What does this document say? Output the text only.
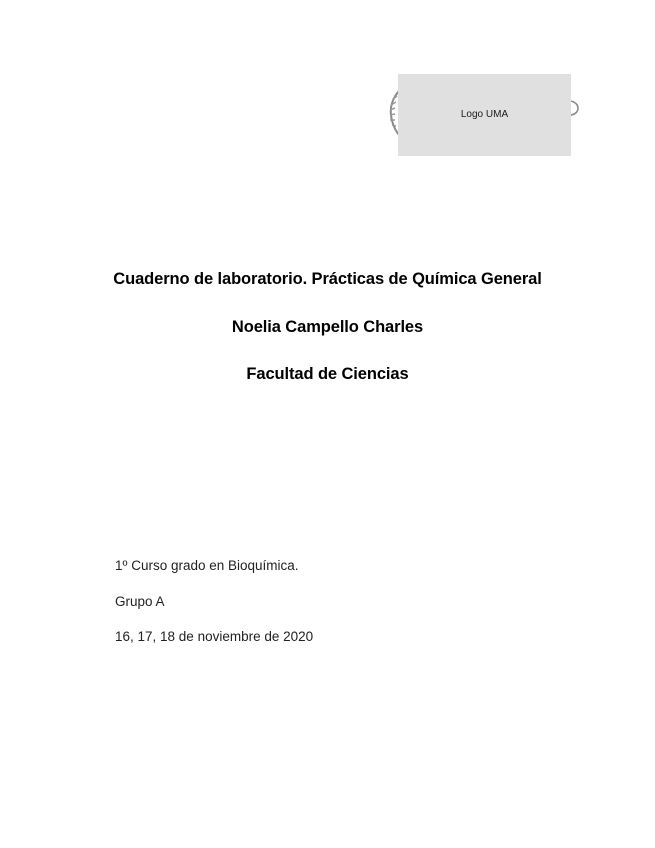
Logo UMA
Cuaderno de laboratorio. Prácticas de Química General
Noelia Campello Charles
Facultad de Ciencias
1º Curso grado en Bioquímica.
Grupo A
16, 17, 18 de noviembre de 2020
